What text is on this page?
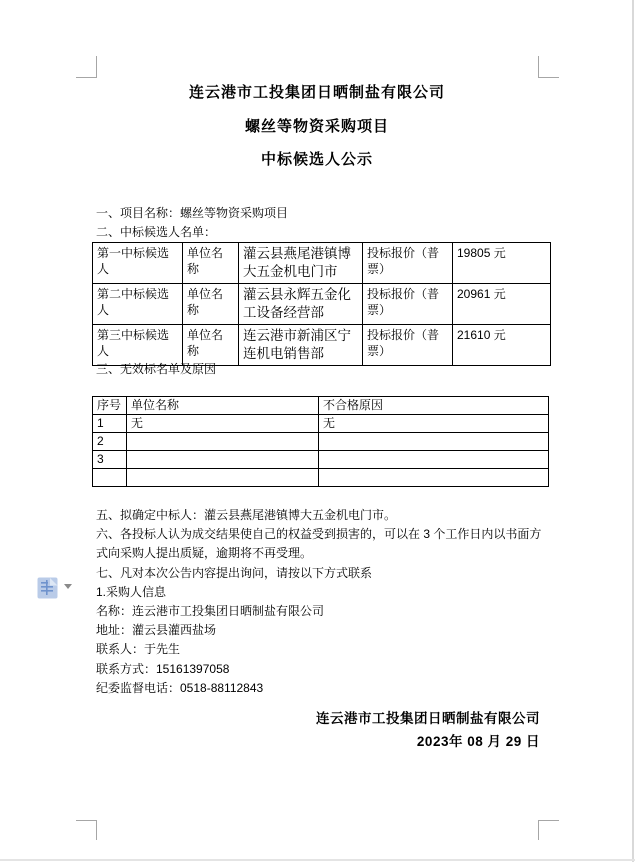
连云港市工投集团日晒制盐有限公司
螺丝等物资采购项目
中标候选人公示
一、项目名称：螺丝等物资采购项目
二、中标候选人名单：
第一中标候选人	单位名称	灌云县燕尾港镇博大五金机电门市	投标报价（普票）	19805 元
第二中标候选人	单位名称	灌云县永辉五金化工设备经营部	投标报价（普票）	20961 元
第三中标候选人	单位名称	连云港市新浦区宁连机电销售部	投标报价（普票）	21610 元
三、无效标名单及原因
序号	单位名称	不合格原因
1	无	无
2		
3		

五、拟确定中标人：灌云县燕尾港镇博大五金机电门市。

六、各投标人认为成交结果使自己的权益受到损害的，可以在 3 个工作日内以书面方式向采购人提出质疑，逾期将不再受理。

七、凡对本次公告内容提出询问，请按以下方式联系

1.采购人信息

名称：连云港市工投集团日晒制盐有限公司

地址：灌云县灌西盐场

联系人：于先生

联系方式：15161397058

纪委监督电话：0518-88112843

连云港市工投集团日晒制盐有限公司
2023年 08 月 29 日
